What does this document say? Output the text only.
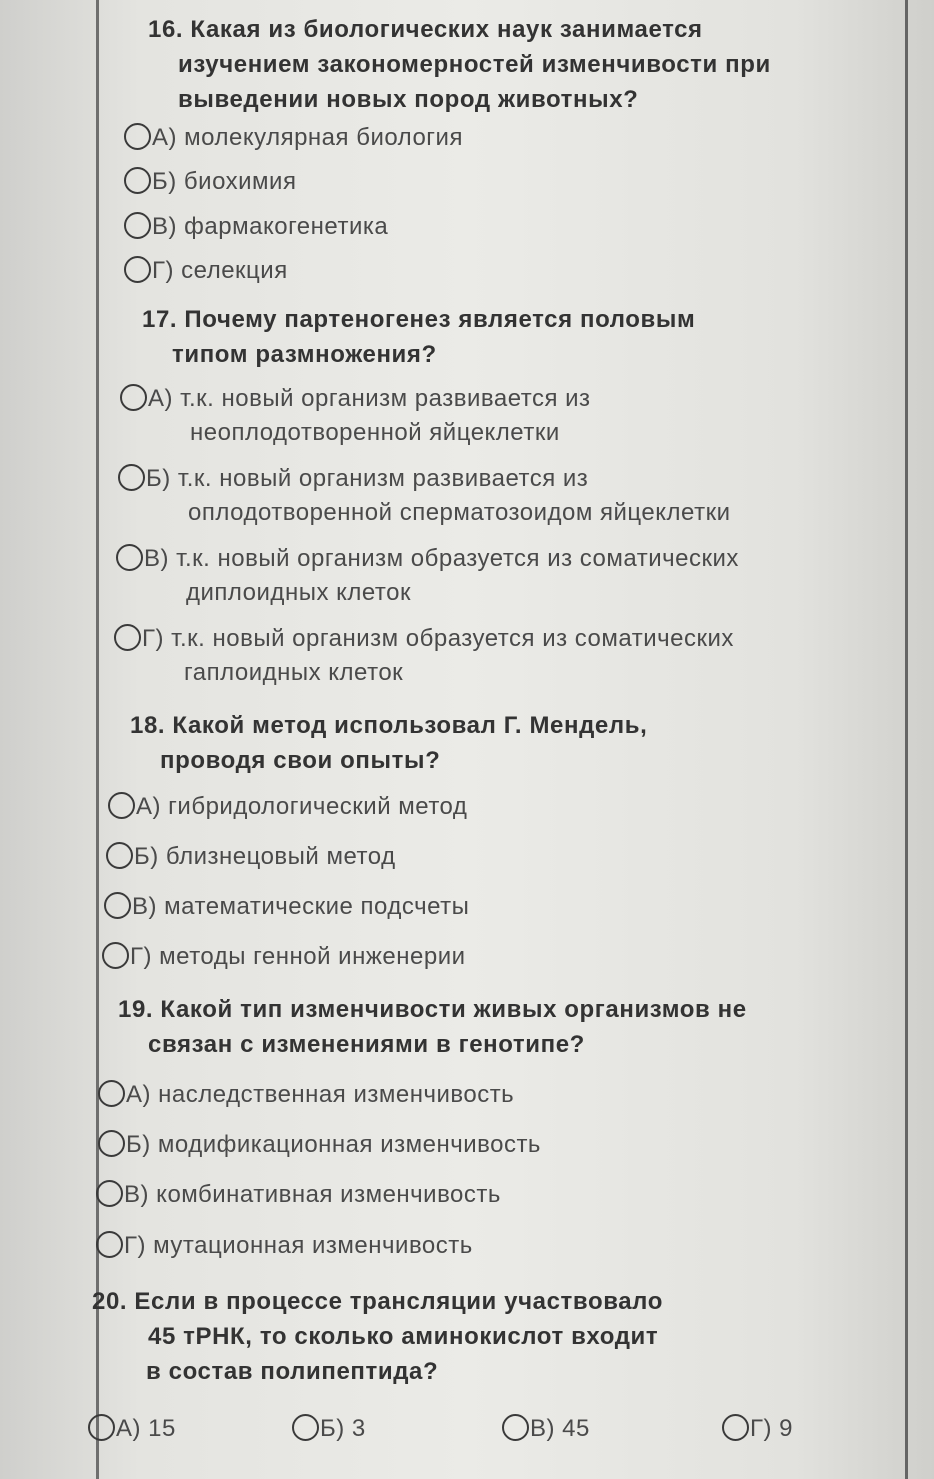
16. Какая из биологических наук занимается
изучением закономерностей изменчивости при
выведении новых пород животных?
А) молекулярная биология
Б) биохимия
В) фармакогенетика
Г) селекция
17. Почему партеногенез является половым
типом размножения?
А) т.к. новый организм развивается из
неоплодотворенной яйцеклетки
Б) т.к. новый организм развивается из
оплодотворенной сперматозоидом яйцеклетки
В) т.к. новый организм образуется из соматических
диплоидных клеток
Г) т.к. новый организм образуется из соматических
гаплоидных клеток
18. Какой метод использовал Г. Мендель,
проводя свои опыты?
А) гибридологический метод
Б) близнецовый метод
В) математические подсчеты
Г) методы генной инженерии
19. Какой тип изменчивости живых организмов не
связан с изменениями в генотипе?
А) наследственная изменчивость
Б) модификационная изменчивость
В) комбинативная изменчивость
Г) мутационная изменчивость
20. Если в процессе трансляции участвовало
45 тРНК, то сколько аминокислот входит
в состав полипептида?
А) 15	Б) 3	В) 45	Г) 9
